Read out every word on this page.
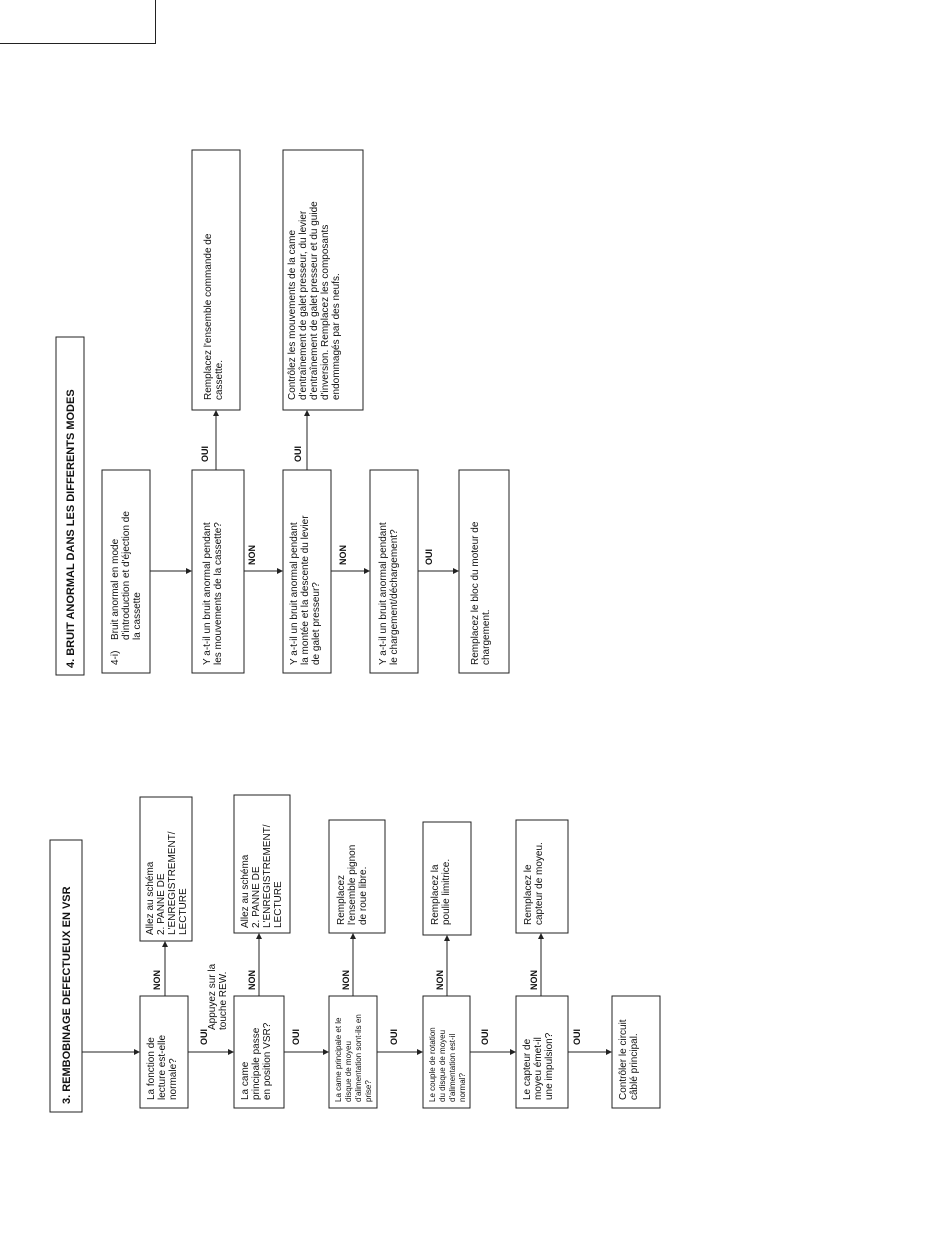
3. REMBOBINAGE DEFECTUEUX EN VSR	La fonction de lecture est-elle normale?
Allez au schéma 2. PANNE DE L'ENREGISTREMENT/ LECTURE
Appuyez sur la touche REW.
La came principale passe en position VSR?
Allez au schéma 2. PANNE DE L'ENREGISTREMENT/ LECTURE
La came principale et le disque de moyeu d'alimentation sont-ils en prise?
Remplacez l'ensemble pignon de roue libre.
Le couple de rotation du disque de moyeu d'alimentation est-il normal?
Remplacez la poulie limitrice.
Le capteur de moyeu émet-il une impulsion?
Remplacez le capteur de moyeu.
Contrôler le circuit câblé principal.
OUI	OUI	OUI	OUI	OUI
NON	NON	NON	NON	NON
4. BRUIT ANORMAL DANS LES DIFFERENTS MODES	4-i)
Bruit anormal en mode d'introduction et d'éjection de la cassette	Y a-t-il un bruit anormal pendant les mouvements de la cassette?
Remplacez l'ensemble commande de cassette.
Y a-t-il un bruit anormal pendant la montée et la descente du levier de galet presseur?
Contrôlez les mouvements de la came d'entraînement de galet presseur, du levier d'entraînement de galet presseur et du guide d'inversion. Remplacez les composants endommagés par des neufs.
Y a-t-il un bruit anormal pendant le chargement/déchargement?	Remplacez le bloc du moteur de chargement.
OUI	OUI
OUI
NON	NON
